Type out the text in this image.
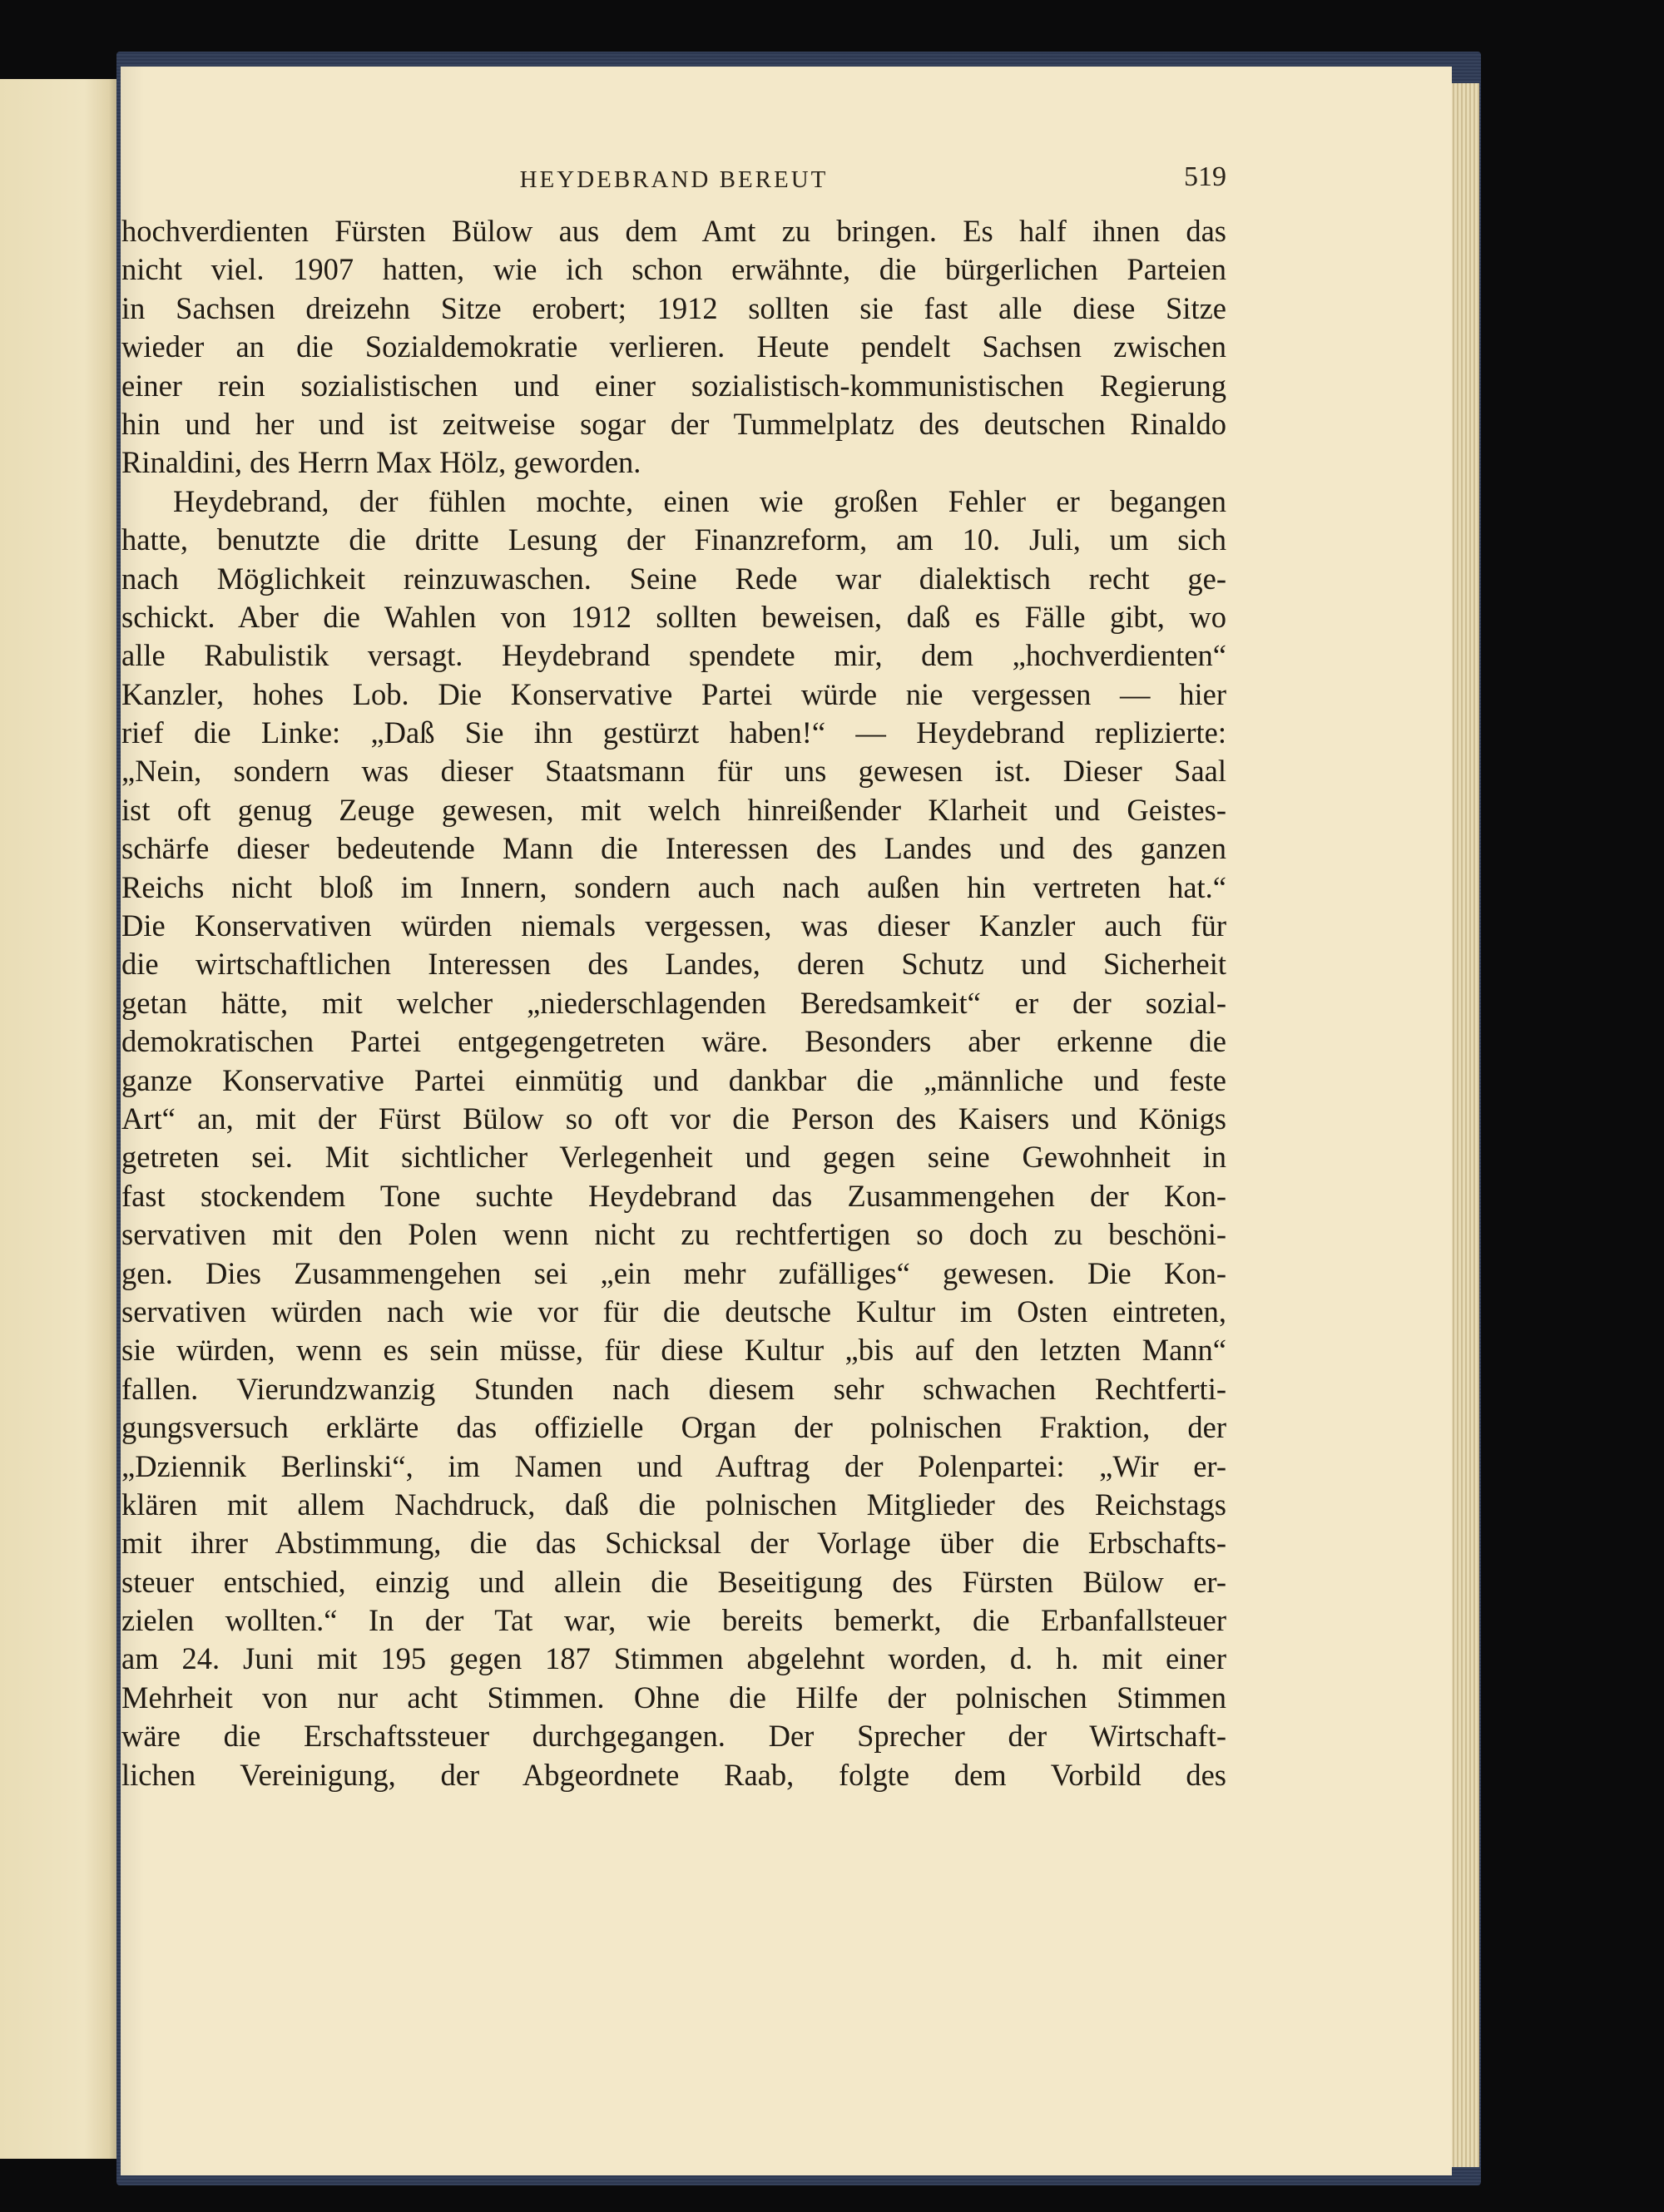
HEYDEBRAND BEREUT	519
hochverdienten Fürsten Bülow aus dem Amt zu bringen. Es half ihnen das
nicht viel. 1907 hatten, wie ich schon erwähnte, die bürgerlichen Parteien
in Sachsen dreizehn Sitze erobert; 1912 sollten sie fast alle diese Sitze
wieder an die Sozialdemokratie verlieren. Heute pendelt Sachsen zwischen
einer rein sozialistischen und einer sozialistisch-kommunistischen Regierung
hin und her und ist zeitweise sogar der Tummelplatz des deutschen Rinaldo
Rinaldini, des Herrn Max Hölz, geworden.
Heydebrand, der fühlen mochte, einen wie großen Fehler er begangen
hatte, benutzte die dritte Lesung der Finanzreform, am 10. Juli, um sich
nach Möglichkeit reinzuwaschen. Seine Rede war dialektisch recht ge-
schickt. Aber die Wahlen von 1912 sollten beweisen, daß es Fälle gibt, wo
alle Rabulistik versagt. Heydebrand spendete mir, dem „hochverdienten“
Kanzler, hohes Lob. Die Konservative Partei würde nie vergessen — hier
rief die Linke: „Daß Sie ihn gestürzt haben!“ — Heydebrand replizierte:
„Nein, sondern was dieser Staatsmann für uns gewesen ist. Dieser Saal
ist oft genug Zeuge gewesen, mit welch hinreißender Klarheit und Geistes-
schärfe dieser bedeutende Mann die Interessen des Landes und des ganzen
Reichs nicht bloß im Innern, sondern auch nach außen hin vertreten hat.“
Die Konservativen würden niemals vergessen, was dieser Kanzler auch für
die wirtschaftlichen Interessen des Landes, deren Schutz und Sicherheit
getan hätte, mit welcher „niederschlagenden Beredsamkeit“ er der sozial-
demokratischen Partei entgegengetreten wäre. Besonders aber erkenne die
ganze Konservative Partei einmütig und dankbar die „männliche und feste
Art“ an, mit der Fürst Bülow so oft vor die Person des Kaisers und Königs
getreten sei. Mit sichtlicher Verlegenheit und gegen seine Gewohnheit in
fast stockendem Tone suchte Heydebrand das Zusammengehen der Kon-
servativen mit den Polen wenn nicht zu rechtfertigen so doch zu beschöni-
gen. Dies Zusammengehen sei „ein mehr zufälliges“ gewesen. Die Kon-
servativen würden nach wie vor für die deutsche Kultur im Osten eintreten,
sie würden, wenn es sein müsse, für diese Kultur „bis auf den letzten Mann“
fallen. Vierundzwanzig Stunden nach diesem sehr schwachen Rechtferti-
gungsversuch erklärte das offizielle Organ der polnischen Fraktion, der
„Dziennik Berlinski“, im Namen und Auftrag der Polenpartei: „Wir er-
klären mit allem Nachdruck, daß die polnischen Mitglieder des Reichstags
mit ihrer Abstimmung, die das Schicksal der Vorlage über die Erbschafts-
steuer entschied, einzig und allein die Beseitigung des Fürsten Bülow er-
zielen wollten.“ In der Tat war, wie bereits bemerkt, die Erbanfallsteuer
am 24. Juni mit 195 gegen 187 Stimmen abgelehnt worden, d. h. mit einer
Mehrheit von nur acht Stimmen. Ohne die Hilfe der polnischen Stimmen
wäre die Erschaftssteuer durchgegangen. Der Sprecher der Wirtschaft-
lichen Vereinigung, der Abgeordnete Raab, folgte dem Vorbild des
